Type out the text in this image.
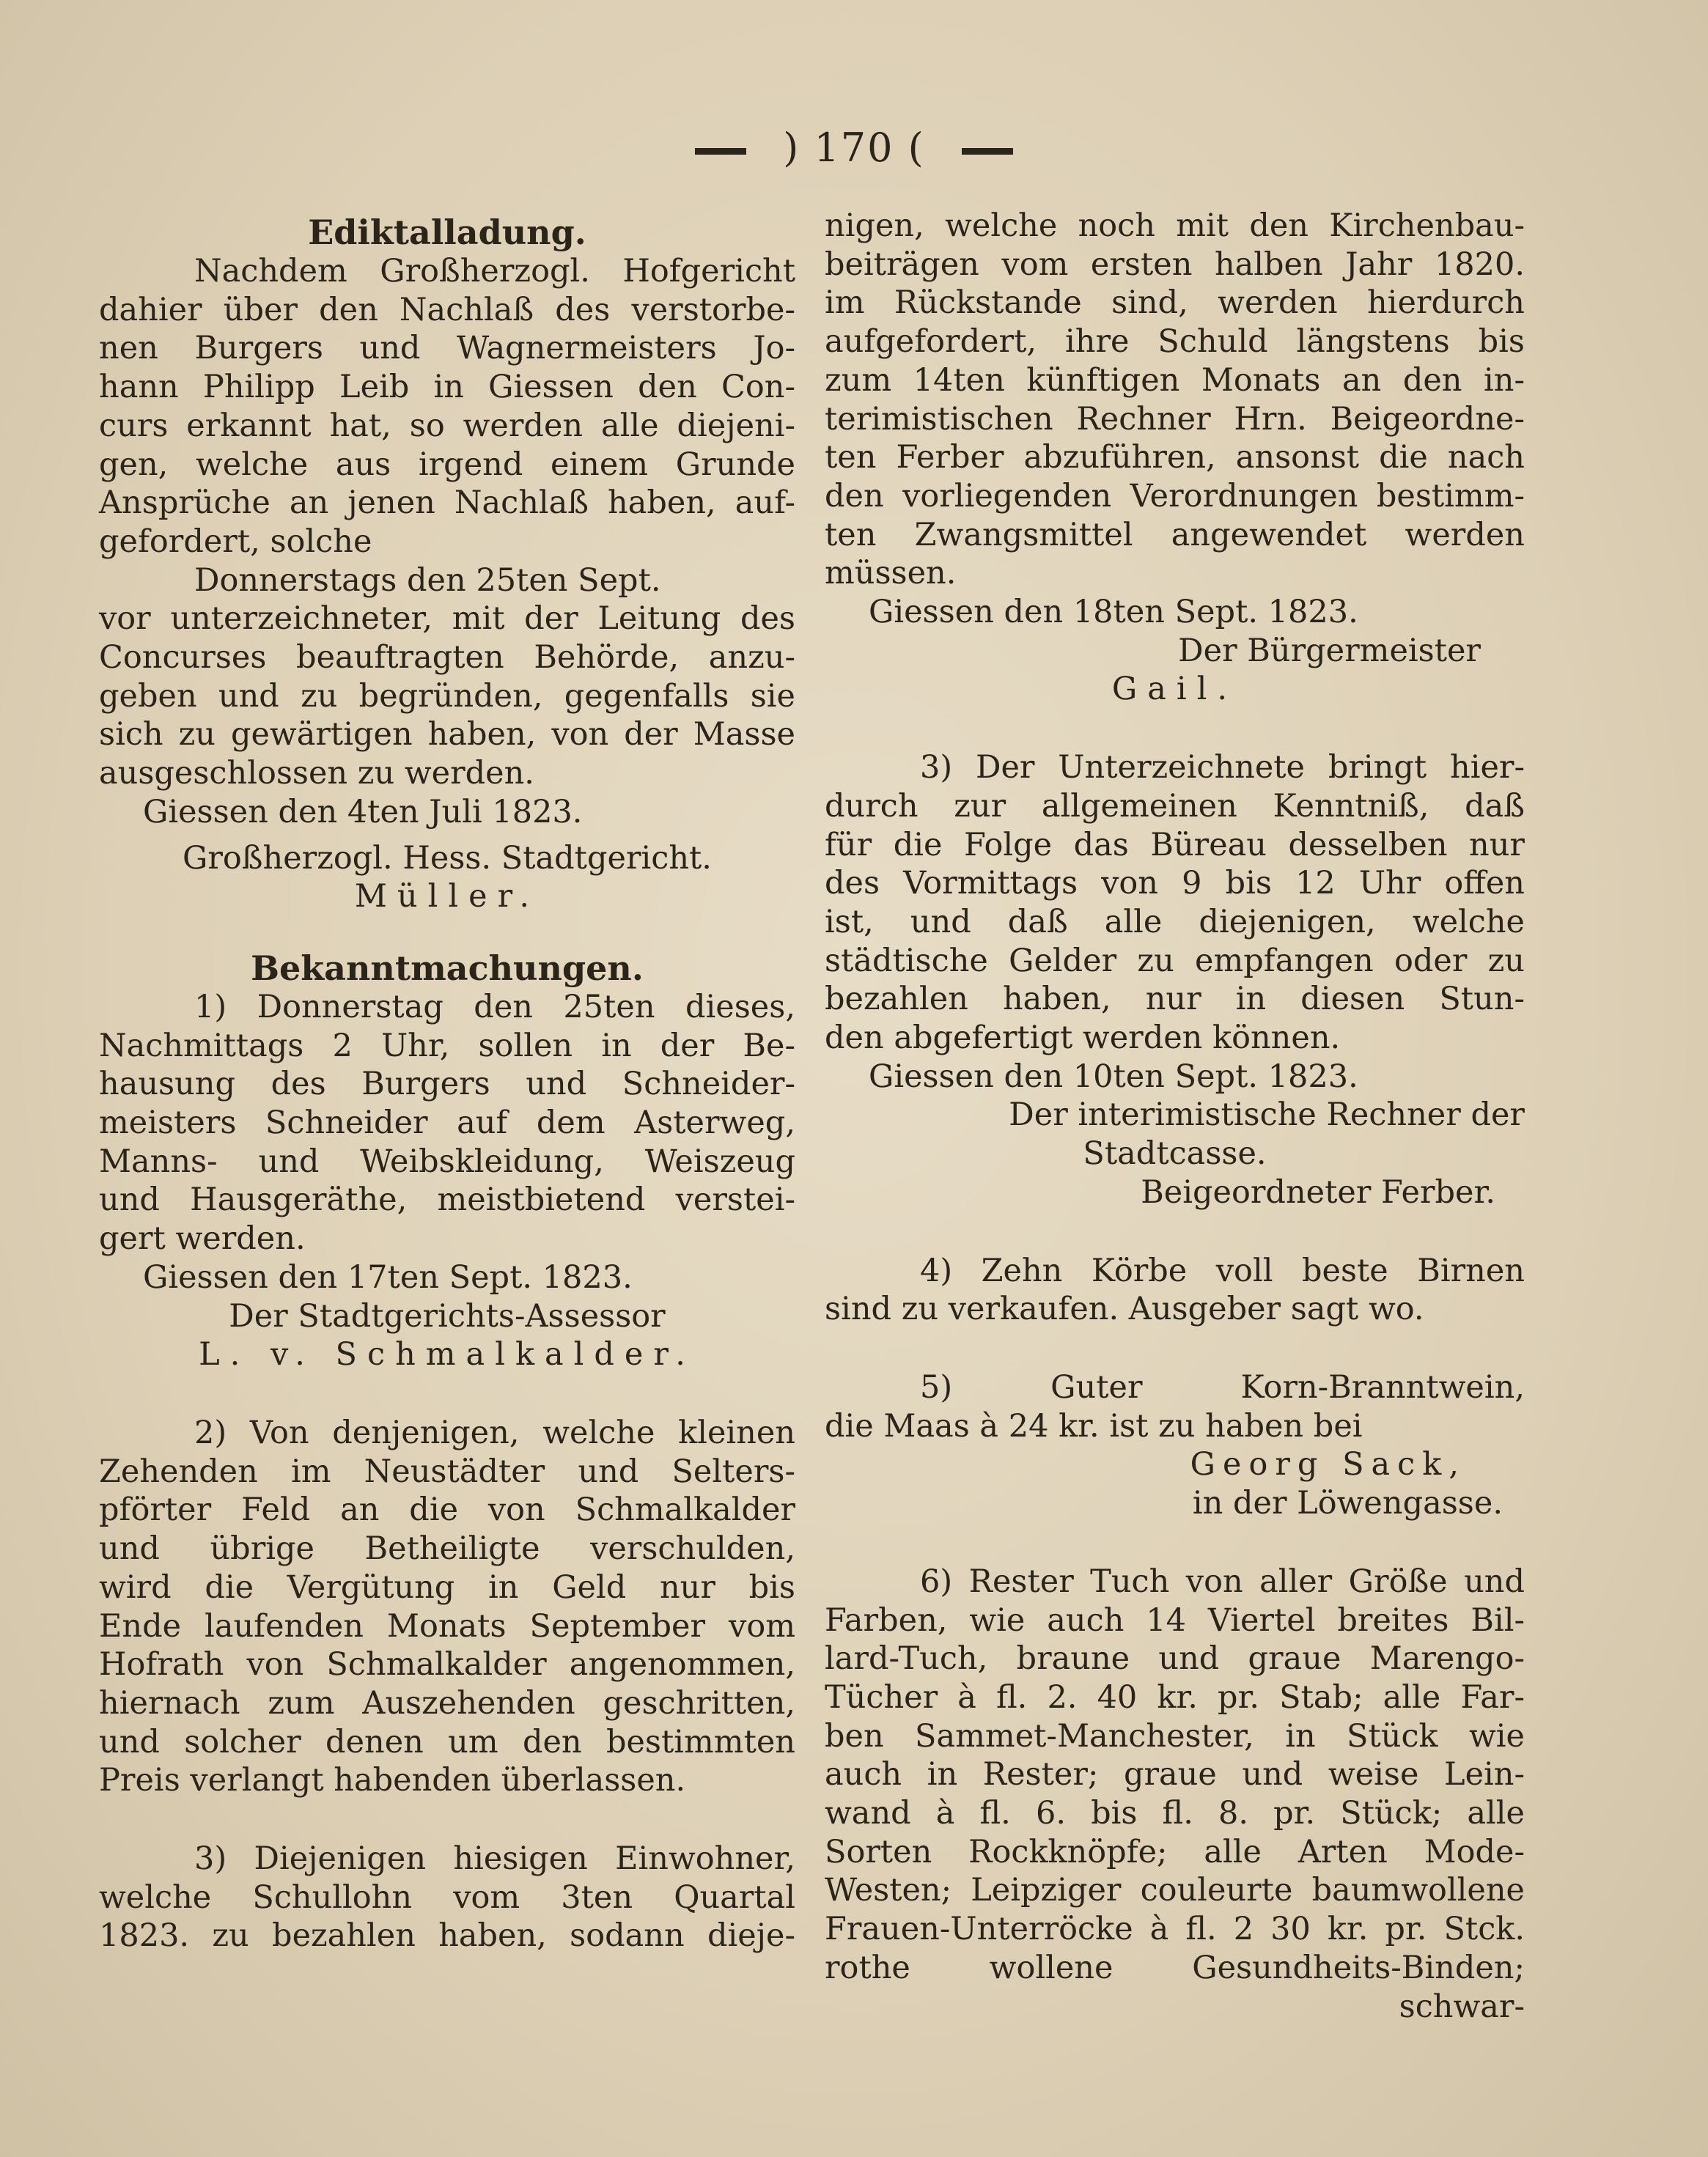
) 170 (
Ediktalladung.
Nachdem Großherzogl. Hofgericht
dahier über den Nachlaß des verstorbe-
nen Burgers und Wagnermeisters Jo-
hann Philipp Leib in Giessen den Con-
curs erkannt hat, so werden alle diejeni-
gen, welche aus irgend einem Grunde
Ansprüche an jenen Nachlaß haben, auf-
gefordert, solche
Donnerstags den 25ten Sept.
vor unterzeichneter, mit der Leitung des
Concurses beauftragten Behörde, anzu-
geben und zu begründen, gegenfalls sie
sich zu gewärtigen haben, von der Masse
ausgeschlossen zu werden.
Giessen den 4ten Juli 1823.
Großherzogl. Hess. Stadtgericht.
Müller.
Bekanntmachungen.
1) Donnerstag den 25ten dieses,
Nachmittags 2 Uhr, sollen in der Be-
hausung des Burgers und Schneider-
meisters Schneider auf dem Asterweg,
Manns- und Weibskleidung, Weiszeug
und Hausgeräthe, meistbietend verstei-
gert werden.
Giessen den 17ten Sept. 1823.
Der Stadtgerichts-Assessor
L. v. Schmalkalder.
2) Von denjenigen, welche kleinen
Zehenden im Neustädter und Selters-
pförter Feld an die von Schmalkalder
und übrige Betheiligte verschulden,
wird die Vergütung in Geld nur bis
Ende laufenden Monats September vom
Hofrath von Schmalkalder angenommen,
hiernach zum Auszehenden geschritten,
und solcher denen um den bestimmten
Preis verlangt habenden überlassen.
3) Diejenigen hiesigen Einwohner,
welche Schullohn vom 3ten Quartal
1823. zu bezahlen haben, sodann dieje-
nigen, welche noch mit den Kirchenbau-
beiträgen vom ersten halben Jahr 1820.
im Rückstande sind, werden hierdurch
aufgefordert, ihre Schuld längstens bis
zum 14ten künftigen Monats an den in-
terimistischen Rechner Hrn. Beigeordne-
ten Ferber abzuführen, ansonst die nach
den vorliegenden Verordnungen bestimm-
ten Zwangsmittel angewendet werden
müssen.
Giessen den 18ten Sept. 1823.
Der Bürgermeister
Gail.
3) Der Unterzeichnete bringt hier-
durch zur allgemeinen Kenntniß, daß
für die Folge das Büreau desselben nur
des Vormittags von 9 bis 12 Uhr offen
ist, und daß alle diejenigen, welche
städtische Gelder zu empfangen oder zu
bezahlen haben, nur in diesen Stun-
den abgefertigt werden können.
Giessen den 10ten Sept. 1823.
Der interimistische Rechner der
Stadtcasse.
Beigeordneter Ferber.
4) Zehn Körbe voll beste Birnen
sind zu verkaufen. Ausgeber sagt wo.
5) Guter Korn-Branntwein,
die Maas à 24 kr. ist zu haben bei
Georg Sack,
in der Löwengasse.
6) Rester Tuch von aller Größe und
Farben, wie auch 14 Viertel breites Bil-
lard-Tuch, braune und graue Marengo-
Tücher à fl. 2. 40 kr. pr. Stab; alle Far-
ben Sammet-Manchester, in Stück wie
auch in Rester; graue und weise Lein-
wand à fl. 6. bis fl. 8. pr. Stück; alle
Sorten Rockknöpfe; alle Arten Mode-
Westen; Leipziger couleurte baumwollene
Frauen-Unterröcke à fl. 2 30 kr. pr. Stck.
rothe wollene Gesundheits-Binden;
schwar-
